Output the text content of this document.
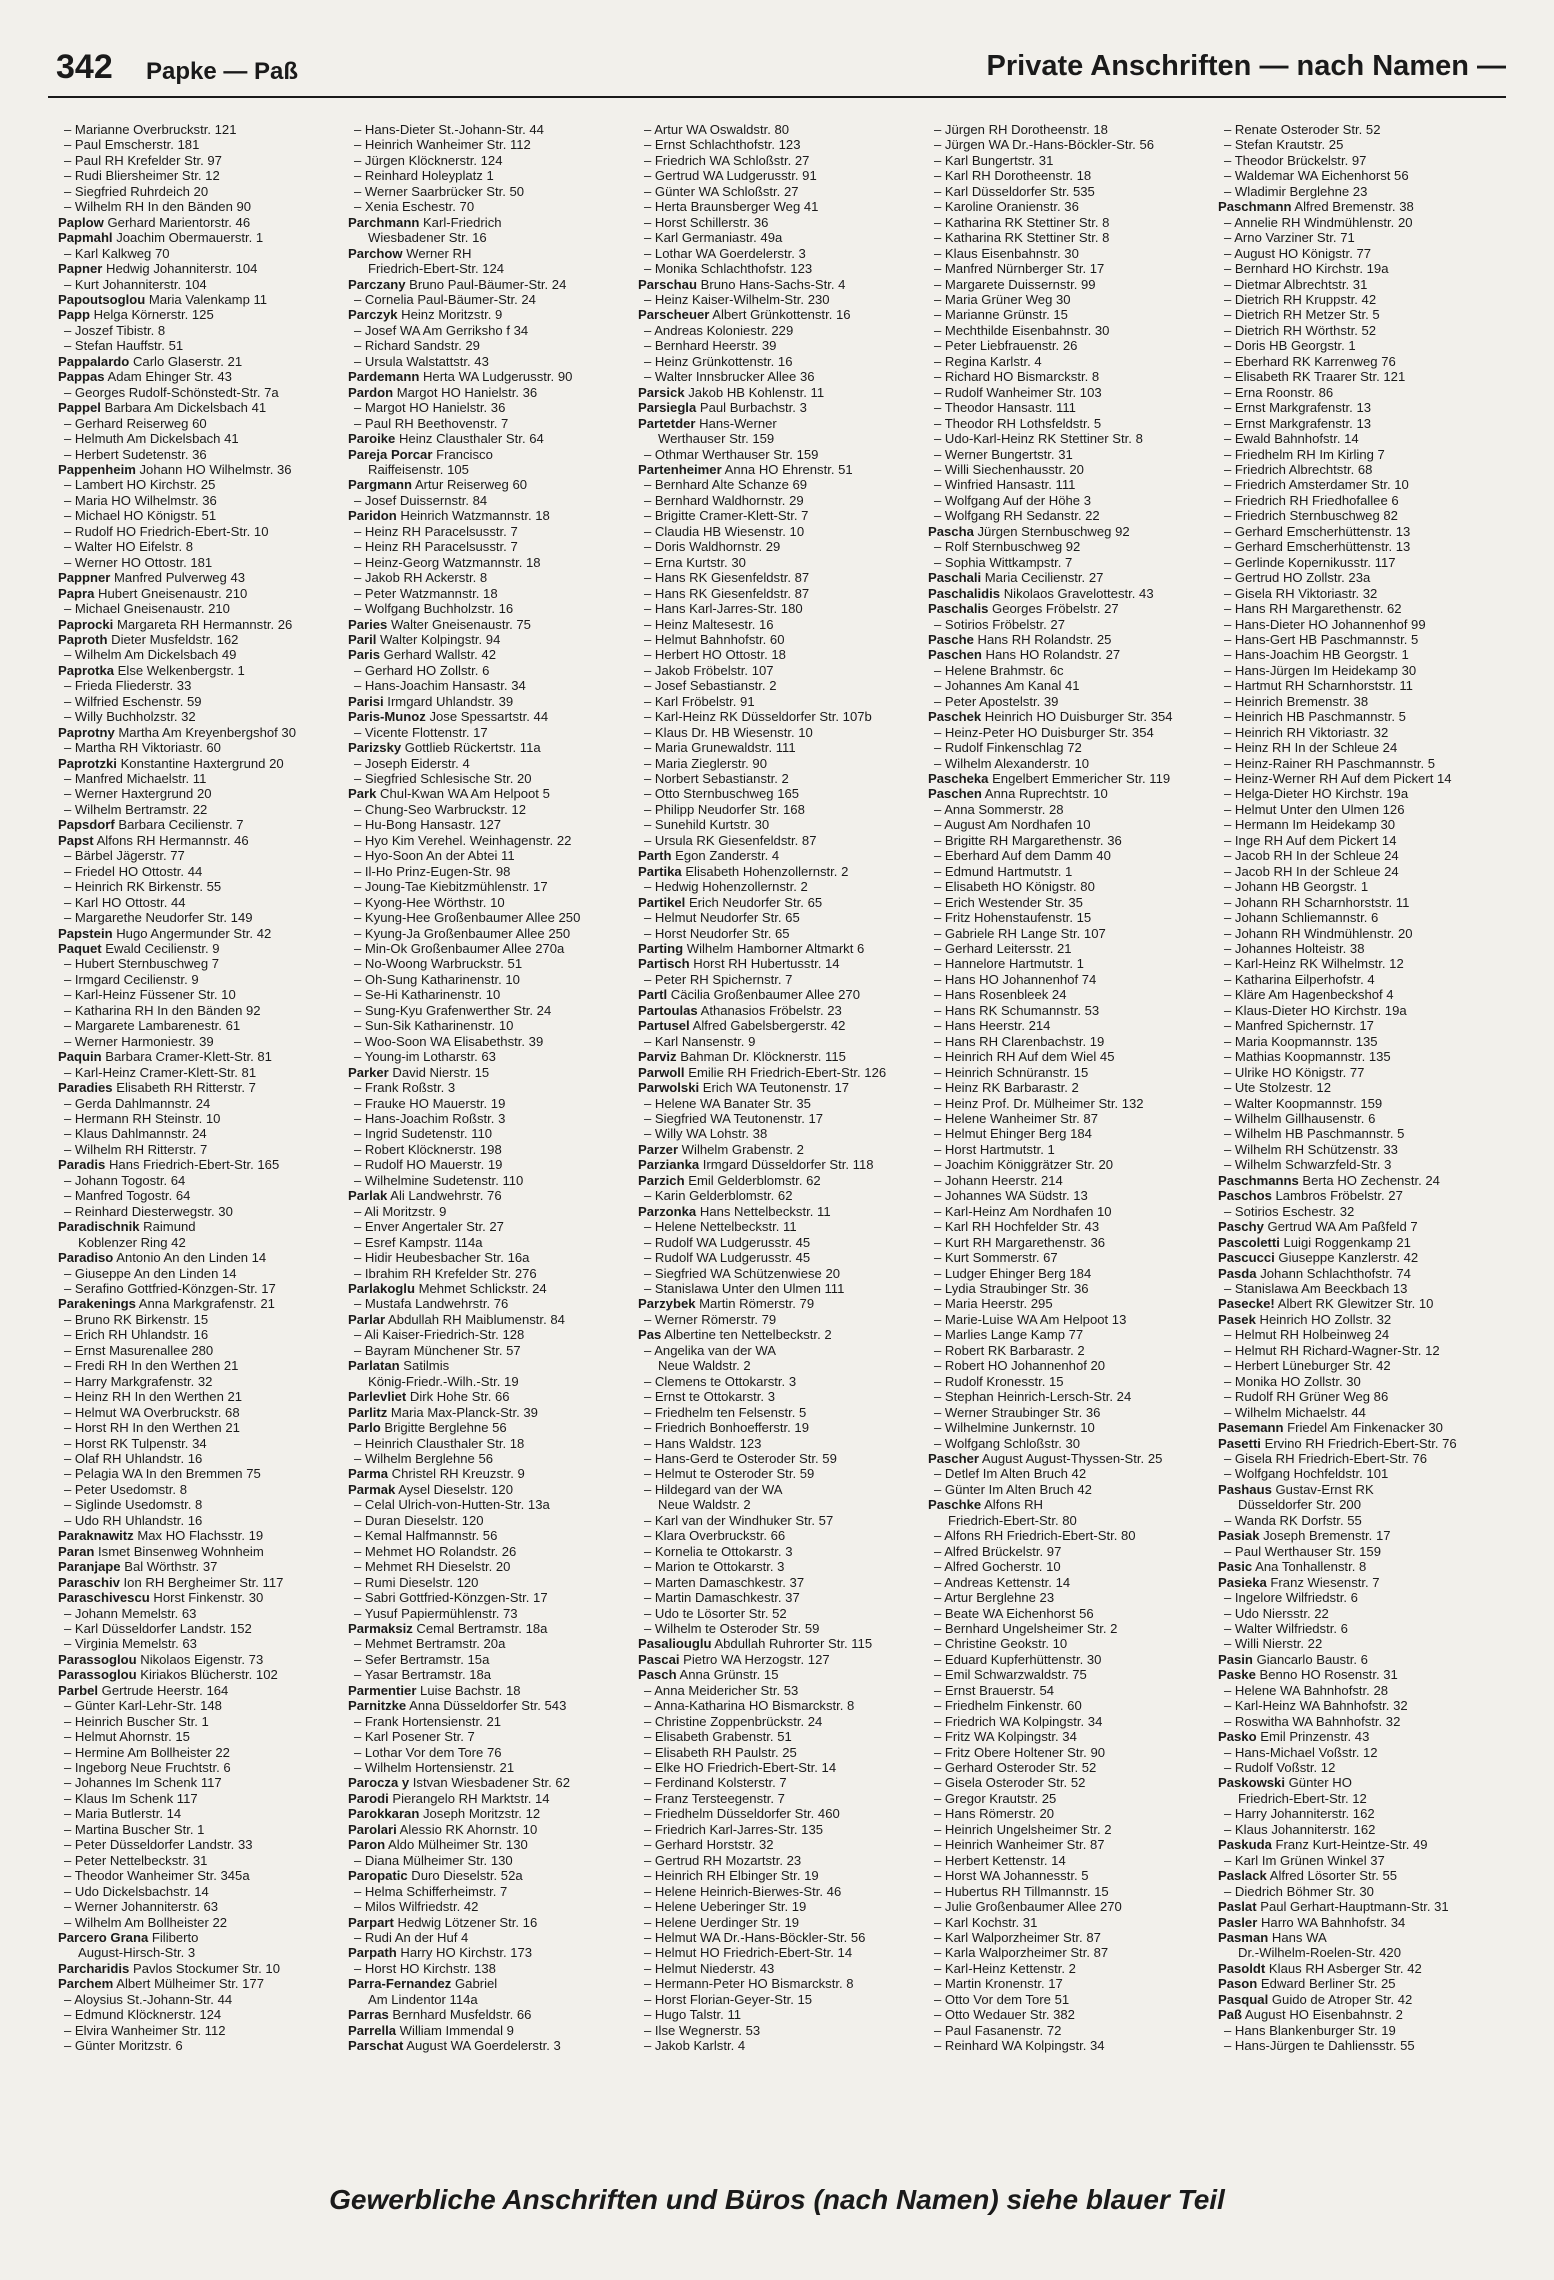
342 Papke — Paß	Private Anschriften — nach Namen —
– Marianne Overbruckstr. 121
– Paul Emscherstr. 181
– Paul RH Krefelder Str. 97
– Rudi Bliersheimer Str. 12
– Siegfried Ruhrdeich 20
– Wilhelm RH In den Bänden 90
Paplow Gerhard Marientorstr. 46
Papmahl Joachim Obermauerstr. 1
– Karl Kalkweg 70
Papner Hedwig Johanniterstr. 104
– Kurt Johanniterstr. 104
Papoutsoglou Maria Valenkamp 11
Papp Helga Körnerstr. 125
– Joszef Tibistr. 8
– Stefan Hauffstr. 51
Pappalardo Carlo Glaserstr. 21
Pappas Adam Ehinger Str. 43
– Georges Rudolf-Schönstedt-Str. 7a
Pappel Barbara Am Dickelsbach 41
– Gerhard Reiserweg 60
– Helmuth Am Dickelsbach 41
– Herbert Sudetenstr. 36
Pappenheim Johann HO Wilhelmstr. 36
– Lambert HO Kirchstr. 25
– Maria HO Wilhelmstr. 36
– Michael HO Königstr. 51
– Rudolf HO Friedrich-Ebert-Str. 10
– Walter HO Eifelstr. 8
– Werner HO Ottostr. 181
Pappner Manfred Pulverweg 43
Papra Hubert Gneisenaustr. 210
– Michael Gneisenaustr. 210
Paprocki Margareta RH Hermannstr. 26
Paproth Dieter Musfeldstr. 162
– Wilhelm Am Dickelsbach 49
Paprotka Else Welkenbergstr. 1
– Frieda Fliederstr. 33
– Wilfried Eschenstr. 59
– Willy Buchholzstr. 32
Paprotny Martha Am Kreyenbergshof 30
– Martha RH Viktoriastr. 60
Paprotzki Konstantine Haxtergrund 20
– Manfred Michaelstr. 11
– Werner Haxtergrund 20
– Wilhelm Bertramstr. 22
Papsdorf Barbara Cecilienstr. 7
Papst Alfons RH Hermannstr. 46
– Bärbel Jägerstr. 77
– Friedel HO Ottostr. 44
– Heinrich RK Birkenstr. 55
– Karl HO Ottostr. 44
– Margarethe Neudorfer Str. 149
Papstein Hugo Angermunder Str. 42
Paquet Ewald Cecilienstr. 9
– Hubert Sternbuschweg 7
– Irmgard Cecilienstr. 9
– Karl-Heinz Füssener Str. 10
– Katharina RH In den Bänden 92
– Margarete Lambarenestr. 61
– Werner Harmoniestr. 39
Paquin Barbara Cramer-Klett-Str. 81
– Karl-Heinz Cramer-Klett-Str. 81
Paradies Elisabeth RH Ritterstr. 7
– Gerda Dahlmannstr. 24
– Hermann RH Steinstr. 10
– Klaus Dahlmannstr. 24
– Wilhelm RH Ritterstr. 7
Paradis Hans Friedrich-Ebert-Str. 165
– Johann Togostr. 64
– Manfred Togostr. 64
– Reinhard Diesterwegstr. 30
Paradischnik Raimund
Koblenzer Ring 42
Paradiso Antonio An den Linden 14
– Giuseppe An den Linden 14
– Serafino Gottfried-Könzgen-Str. 17
Parakenings Anna Markgrafenstr. 21
– Bruno RK Birkenstr. 15
– Erich RH Uhlandstr. 16
– Ernst Masurenallee 280
– Fredi RH In den Werthen 21
– Harry Markgrafenstr. 32
– Heinz RH In den Werthen 21
– Helmut WA Overbruckstr. 68
– Horst RH In den Werthen 21
– Horst RK Tulpenstr. 34
– Olaf RH Uhlandstr. 16
– Pelagia WA In den Bremmen 75
– Peter Usedomstr. 8
– Siglinde Usedomstr. 8
– Udo RH Uhlandstr. 16
Paraknawitz Max HO Flachsstr. 19
Paran Ismet Binsenweg Wohnheim
Paranjape Bal Wörthstr. 37
Paraschiv Ion RH Bergheimer Str. 117
Paraschivescu Horst Finkenstr. 30
– Johann Memelstr. 63
– Karl Düsseldorfer Landstr. 152
– Virginia Memelstr. 63
Parassoglou Nikolaos Eigenstr. 73
Parassoglou Kiriakos Blücherstr. 102
Parbel Gertrude Heerstr. 164
– Günter Karl-Lehr-Str. 148
– Heinrich Buscher Str. 1
– Helmut Ahornstr. 15
– Hermine Am Bollheister 22
– Ingeborg Neue Fruchtstr. 6
– Johannes Im Schenk 117
– Klaus Im Schenk 117
– Maria Butlerstr. 14
– Martina Buscher Str. 1
– Peter Düsseldorfer Landstr. 33
– Peter Nettelbeckstr. 31
– Theodor Wanheimer Str. 345a
– Udo Dickelsbachstr. 14
– Werner Johanniterstr. 63
– Wilhelm Am Bollheister 22
Parcero Grana Filiberto
August-Hirsch-Str. 3
Parcharidis Pavlos Stockumer Str. 10
Parchem Albert Mülheimer Str. 177
– Aloysius St.-Johann-Str. 44
– Edmund Klöcknerstr. 124
– Elvira Wanheimer Str. 112
– Günter Moritzstr. 6
– Hans-Dieter St.-Johann-Str. 44
– Heinrich Wanheimer Str. 112
– Jürgen Klöcknerstr. 124
– Reinhard Holeyplatz 1
– Werner Saarbrücker Str. 50
– Xenia Eschestr. 70
Parchmann Karl-Friedrich
Wiesbadener Str. 16
Parchow Werner RH
Friedrich-Ebert-Str. 124
Parczany Bruno Paul-Bäumer-Str. 24
– Cornelia Paul-Bäumer-Str. 24
Parczyk Heinz Moritzstr. 9
– Josef WA Am Gerriksho f 34
– Richard Sandstr. 29
– Ursula Walstattstr. 43
Pardemann Herta WA Ludgerusstr. 90
Pardon Margot HO Hanielstr. 36
– Margot HO Hanielstr. 36
– Paul RH Beethovenstr. 7
Paroike Heinz Clausthaler Str. 64
Pareja Porcar Francisco
Raiffeisenstr. 105
Pargmann Artur Reiserweg 60
– Josef Duissernstr. 84
Paridon Heinrich Watzmannstr. 18
– Heinz RH Paracelsusstr. 7
– Heinz RH Paracelsusstr. 7
– Heinz-Georg Watzmannstr. 18
– Jakob RH Ackerstr. 8
– Peter Watzmannstr. 18
– Wolfgang Buchholzstr. 16
Paries Walter Gneisenaustr. 75
Paril Walter Kolpingstr. 94
Paris Gerhard Wallstr. 42
– Gerhard HO Zollstr. 6
– Hans-Joachim Hansastr. 34
Parisi Irmgard Uhlandstr. 39
Paris-Munoz Jose Spessartstr. 44
– Vicente Flottenstr. 17
Parizsky Gottlieb Rückertstr. 11a
– Joseph Eiderstr. 4
– Siegfried Schlesische Str. 20
Park Chul-Kwan WA Am Helpoot 5
– Chung-Seo Warbruckstr. 12
– Hu-Bong Hansastr. 127
– Hyo Kim Verehel. Weinhagenstr. 22
– Hyo-Soon An der Abtei 11
– Il-Ho Prinz-Eugen-Str. 98
– Joung-Tae Kiebitzmühlenstr. 17
– Kyong-Hee Wörthstr. 10
– Kyung-Hee Großenbaumer Allee 250
– Kyung-Ja Großenbaumer Allee 250
– Min-Ok Großenbaumer Allee 270a
– No-Woong Warbruckstr. 51
– Oh-Sung Katharinenstr. 10
– Se-Hi Katharinenstr. 10
– Sung-Kyu Grafenwerther Str. 24
– Sun-Sik Katharinenstr. 10
– Woo-Soon WA Elisabethstr. 39
– Young-im Lotharstr. 63
Parker David Nierstr. 15
– Frank Roßstr. 3
– Frauke HO Mauerstr. 19
– Hans-Joachim Roßstr. 3
– Ingrid Sudetenstr. 110
– Robert Klöcknerstr. 198
– Rudolf HO Mauerstr. 19
– Wilhelmine Sudetenstr. 110
Parlak Ali Landwehrstr. 76
– Ali Moritzstr. 9
– Enver Angertaler Str. 27
– Esref Kampstr. 114a
– Hidir Heubesbacher Str. 16a
– Ibrahim RH Krefelder Str. 276
Parlakoglu Mehmet Schlickstr. 24
– Mustafa Landwehrstr. 76
Parlar Abdullah RH Maiblumenstr. 84
– Ali Kaiser-Friedrich-Str. 128
– Bayram Münchener Str. 57
Parlatan Satilmis
König-Friedr.-Wilh.-Str. 19
Parlevliet Dirk Hohe Str. 66
Parlitz Maria Max-Planck-Str. 39
Parlo Brigitte Berglehne 56
– Heinrich Clausthaler Str. 18
– Wilhelm Berglehne 56
Parma Christel RH Kreuzstr. 9
Parmak Aysel Dieselstr. 120
– Celal Ulrich-von-Hutten-Str. 13a
– Duran Dieselstr. 120
– Kemal Halfmannstr. 56
– Mehmet HO Rolandstr. 26
– Mehmet RH Dieselstr. 20
– Rumi Dieselstr. 120
– Sabri Gottfried-Könzgen-Str. 17
– Yusuf Papiermühlenstr. 73
Parmaksiz Cemal Bertramstr. 18a
– Mehmet Bertramstr. 20a
– Sefer Bertramstr. 15a
– Yasar Bertramstr. 18a
Parmentier Luise Bachstr. 18
Parnitzke Anna Düsseldorfer Str. 543
– Frank Hortensienstr. 21
– Karl Posener Str. 7
– Lothar Vor dem Tore 76
– Wilhelm Hortensienstr. 21
Parocza y Istvan Wiesbadener Str. 62
Parodi Pierangelo RH Marktstr. 14
Parokkaran Joseph Moritzstr. 12
Parolari Alessio RK Ahornstr. 10
Paron Aldo Mülheimer Str. 130
– Diana Mülheimer Str. 130
Paropatic Duro Dieselstr. 52a
– Helma Schifferheimstr. 7
– Milos Wilfriedstr. 42
Parpart Hedwig Lötzener Str. 16
– Rudi An der Huf 4
Parpath Harry HO Kirchstr. 173
– Horst HO Kirchstr. 138
Parra-Fernandez Gabriel
Am Lindentor 114a
Parras Bernhard Musfeldstr. 66
Parrella William Immendal 9
Parschat August WA Goerdelerstr. 3
– Artur WA Oswaldstr. 80
– Ernst Schlachthofstr. 123
– Friedrich WA Schloßstr. 27
– Gertrud WA Ludgerusstr. 91
– Günter WA Schloßstr. 27
– Herta Braunsberger Weg 41
– Horst Schillerstr. 36
– Karl Germaniastr. 49a
– Lothar WA Goerdelerstr. 3
– Monika Schlachthofstr. 123
Parschau Bruno Hans-Sachs-Str. 4
– Heinz Kaiser-Wilhelm-Str. 230
Parscheuer Albert Grünkottenstr. 16
– Andreas Koloniestr. 229
– Bernhard Heerstr. 39
– Heinz Grünkottenstr. 16
– Walter Innsbrucker Allee 36
Parsick Jakob HB Kohlenstr. 11
Parsiegla Paul Burbachstr. 3
Partetder Hans-Werner
Werthauser Str. 159
– Othmar Werthauser Str. 159
Partenheimer Anna HO Ehrenstr. 51
– Bernhard Alte Schanze 69
– Bernhard Waldhornstr. 29
– Brigitte Cramer-Klett-Str. 7
– Claudia HB Wiesenstr. 10
– Doris Waldhornstr. 29
– Erna Kurtstr. 30
– Hans RK Giesenfeldstr. 87
– Hans RK Giesenfeldstr. 87
– Hans Karl-Jarres-Str. 180
– Heinz Maltesestr. 16
– Helmut Bahnhofstr. 60
– Herbert HO Ottostr. 18
– Jakob Fröbelstr. 107
– Josef Sebastianstr. 2
– Karl Fröbelstr. 91
– Karl-Heinz RK Düsseldorfer Str. 107b
– Klaus Dr. HB Wiesenstr. 10
– Maria Grunewaldstr. 111
– Maria Zieglerstr. 90
– Norbert Sebastianstr. 2
– Otto Sternbuschweg 165
– Philipp Neudorfer Str. 168
– Sunehild Kurtstr. 30
– Ursula RK Giesenfeldstr. 87
Parth Egon Zanderstr. 4
Partika Elisabeth Hohenzollernstr. 2
– Hedwig Hohenzollernstr. 2
Partikel Erich Neudorfer Str. 65
– Helmut Neudorfer Str. 65
– Horst Neudorfer Str. 65
Parting Wilhelm Hamborner Altmarkt 6
Partisch Horst RH Hubertusstr. 14
– Peter RH Spichernstr. 7
Partl Cäcilia Großenbaumer Allee 270
Partoulas Athanasios Fröbelstr. 23
Partusel Alfred Gabelsbergerstr. 42
– Karl Nansenstr. 9
Parviz Bahman Dr. Klöcknerstr. 115
Parwoll Emilie RH Friedrich-Ebert-Str. 126
Parwolski Erich WA Teutonenstr. 17
– Helene WA Banater Str. 35
– Siegfried WA Teutonenstr. 17
– Willy WA Lohstr. 38
Parzer Wilhelm Grabenstr. 2
Parzianka Irmgard Düsseldorfer Str. 118
Parzich Emil Gelderblomstr. 62
– Karin Gelderblomstr. 62
Parzonka Hans Nettelbeckstr. 11
– Helene Nettelbeckstr. 11
– Rudolf WA Ludgerusstr. 45
– Rudolf WA Ludgerusstr. 45
– Siegfried WA Schützenwiese 20
– Stanislawa Unter den Ulmen 111
Parzybek Martin Römerstr. 79
– Werner Römerstr. 79
Pas Albertine ten Nettelbeckstr. 2
– Angelika van der WA
Neue Waldstr. 2
– Clemens te Ottokarstr. 3
– Ernst te Ottokarstr. 3
– Friedhelm ten Felsenstr. 5
– Friedrich Bonhoefferstr. 19
– Hans Waldstr. 123
– Hans-Gerd te Osteroder Str. 59
– Helmut te Osteroder Str. 59
– Hildegard van der WA
Neue Waldstr. 2
– Karl van der Windhuker Str. 57
– Klara Overbruckstr. 66
– Kornelia te Ottokarstr. 3
– Marion te Ottokarstr. 3
– Marten Damaschkestr. 37
– Martin Damaschkestr. 37
– Udo te Lösorter Str. 52
– Wilhelm te Osteroder Str. 59
Pasaliouglu Abdullah Ruhrorter Str. 115
Pascai Pietro WA Herzogstr. 127
Pasch Anna Grünstr. 15
– Anna Meidericher Str. 53
– Anna-Katharina HO Bismarckstr. 8
– Christine Zoppenbrückstr. 24
– Elisabeth Grabenstr. 51
– Elisabeth RH Paulstr. 25
– Elke HO Friedrich-Ebert-Str. 14
– Ferdinand Kolsterstr. 7
– Franz Tersteegenstr. 7
– Friedhelm Düsseldorfer Str. 460
– Friedrich Karl-Jarres-Str. 135
– Gerhard Horststr. 32
– Gertrud RH Mozartstr. 23
– Heinrich RH Elbinger Str. 19
– Helene Heinrich-Bierwes-Str. 46
– Helene Ueberinger Str. 19
– Helene Uerdinger Str. 19
– Helmut WA Dr.-Hans-Böckler-Str. 56
– Helmut HO Friedrich-Ebert-Str. 14
– Helmut Niederstr. 43
– Hermann-Peter HO Bismarckstr. 8
– Horst Florian-Geyer-Str. 15
– Hugo Talstr. 11
– Ilse Wegnerstr. 53
– Jakob Karlstr. 4
– Jürgen RH Dorotheenstr. 18
– Jürgen WA Dr.-Hans-Böckler-Str. 56
– Karl Bungertstr. 31
– Karl RH Dorotheenstr. 18
– Karl Düsseldorfer Str. 535
– Karoline Oranienstr. 36
– Katharina RK Stettiner Str. 8
– Katharina RK Stettiner Str. 8
– Klaus Eisenbahnstr. 30
– Manfred Nürnberger Str. 17
– Margarete Duissernstr. 99
– Maria Grüner Weg 30
– Marianne Grünstr. 15
– Mechthilde Eisenbahnstr. 30
– Peter Liebfrauenstr. 26
– Regina Karlstr. 4
– Richard HO Bismarckstr. 8
– Rudolf Wanheimer Str. 103
– Theodor Hansastr. 111
– Theodor RH Lothsfeldstr. 5
– Udo-Karl-Heinz RK Stettiner Str. 8
– Werner Bungertstr. 31
– Willi Siechenhausstr. 20
– Winfried Hansastr. 111
– Wolfgang Auf der Höhe 3
– Wolfgang RH Sedanstr. 22
Pascha Jürgen Sternbuschweg 92
– Rolf Sternbuschweg 92
– Sophia Wittkampstr. 7
Paschali Maria Cecilienstr. 27
Paschalidis Nikolaos Gravelottestr. 43
Paschalis Georges Fröbelstr. 27
– Sotirios Fröbelstr. 27
Pasche Hans RH Rolandstr. 25
Paschen Hans HO Rolandstr. 27
– Helene Brahmstr. 6c
– Johannes Am Kanal 41
– Peter Apostelstr. 39
Paschek Heinrich HO Duisburger Str. 354
– Heinz-Peter HO Duisburger Str. 354
– Rudolf Finkenschlag 72
– Wilhelm Alexanderstr. 10
Pascheka Engelbert Emmericher Str. 119
Paschen Anna Ruprechtstr. 10
– Anna Sommerstr. 28
– August Am Nordhafen 10
– Brigitte RH Margarethenstr. 36
– Eberhard Auf dem Damm 40
– Edmund Hartmutstr. 1
– Elisabeth HO Königstr. 80
– Erich Westender Str. 35
– Fritz Hohenstaufenstr. 15
– Gabriele RH Lange Str. 107
– Gerhard Leitersstr. 21
– Hannelore Hartmutstr. 1
– Hans HO Johannenhof 74
– Hans Rosenbleek 24
– Hans RK Schumannstr. 53
– Hans Heerstr. 214
– Hans RH Clarenbachstr. 19
– Heinrich RH Auf dem Wiel 45
– Heinrich Schnüranstr. 15
– Heinz RK Barbarastr. 2
– Heinz Prof. Dr. Mülheimer Str. 132
– Helene Wanheimer Str. 87
– Helmut Ehinger Berg 184
– Horst Hartmutstr. 1
– Joachim Königgrätzer Str. 20
– Johann Heerstr. 214
– Johannes WA Südstr. 13
– Karl-Heinz Am Nordhafen 10
– Karl RH Hochfelder Str. 43
– Kurt RH Margarethenstr. 36
– Kurt Sommerstr. 67
– Ludger Ehinger Berg 184
– Lydia Straubinger Str. 36
– Maria Heerstr. 295
– Marie-Luise WA Am Helpoot 13
– Marlies Lange Kamp 77
– Robert RK Barbarastr. 2
– Robert HO Johannenhof 20
– Rudolf Kronesstr. 15
– Stephan Heinrich-Lersch-Str. 24
– Werner Straubinger Str. 36
– Wilhelmine Junkernstr. 10
– Wolfgang Schloßstr. 30
Pascher August August-Thyssen-Str. 25
– Detlef Im Alten Bruch 42
– Günter Im Alten Bruch 42
Paschke Alfons RH
Friedrich-Ebert-Str. 80
– Alfons RH Friedrich-Ebert-Str. 80
– Alfred Brückelstr. 97
– Alfred Gocherstr. 10
– Andreas Kettenstr. 14
– Artur Berglehne 23
– Beate WA Eichenhorst 56
– Bernhard Ungelsheimer Str. 2
– Christine Geokstr. 10
– Eduard Kupferhüttenstr. 30
– Emil Schwarzwaldstr. 75
– Ernst Brauerstr. 54
– Friedhelm Finkenstr. 60
– Friedrich WA Kolpingstr. 34
– Fritz WA Kolpingstr. 34
– Fritz Obere Holtener Str. 90
– Gerhard Osteroder Str. 52
– Gisela Osteroder Str. 52
– Gregor Krautstr. 25
– Hans Römerstr. 20
– Heinrich Ungelsheimer Str. 2
– Heinrich Wanheimer Str. 87
– Herbert Kettenstr. 14
– Horst WA Johannesstr. 5
– Hubertus RH Tillmannstr. 15
– Julie Großenbaumer Allee 270
– Karl Kochstr. 31
– Karl Walporzheimer Str. 87
– Karla Walporzheimer Str. 87
– Karl-Heinz Kettenstr. 2
– Martin Kronenstr. 17
– Otto Vor dem Tore 51
– Otto Wedauer Str. 382
– Paul Fasanenstr. 72
– Reinhard WA Kolpingstr. 34
– Renate Osteroder Str. 52
– Stefan Krautstr. 25
– Theodor Brückelstr. 97
– Waldemar WA Eichenhorst 56
– Wladimir Berglehne 23
Paschmann Alfred Bremenstr. 38
– Annelie RH Windmühlenstr. 20
– Arno Varziner Str. 71
– August HO Königstr. 77
– Bernhard HO Kirchstr. 19a
– Dietmar Albrechtstr. 31
– Dietrich RH Kruppstr. 42
– Dietrich RH Metzer Str. 5
– Dietrich RH Wörthstr. 52
– Doris HB Georgstr. 1
– Eberhard RK Karrenweg 76
– Elisabeth RK Traarer Str. 121
– Erna Roonstr. 86
– Ernst Markgrafenstr. 13
– Ernst Markgrafenstr. 13
– Ewald Bahnhofstr. 14
– Friedhelm RH Im Kirling 7
– Friedrich Albrechtstr. 68
– Friedrich Amsterdamer Str. 10
– Friedrich RH Friedhofallee 6
– Friedrich Sternbuschweg 82
– Gerhard Emscherhüttenstr. 13
– Gerhard Emscherhüttenstr. 13
– Gerlinde Kopernikusstr. 117
– Gertrud HO Zollstr. 23a
– Gisela RH Viktoriastr. 32
– Hans RH Margarethenstr. 62
– Hans-Dieter HO Johannenhof 99
– Hans-Gert HB Paschmannstr. 5
– Hans-Joachim HB Georgstr. 1
– Hans-Jürgen Im Heidekamp 30
– Hartmut RH Scharnhorststr. 11
– Heinrich Bremenstr. 38
– Heinrich HB Paschmannstr. 5
– Heinrich RH Viktoriastr. 32
– Heinz RH In der Schleue 24
– Heinz-Rainer RH Paschmannstr. 5
– Heinz-Werner RH Auf dem Pickert 14
– Helga-Dieter HO Kirchstr. 19a
– Helmut Unter den Ulmen 126
– Hermann Im Heidekamp 30
– Inge RH Auf dem Pickert 14
– Jacob RH In der Schleue 24
– Jacob RH In der Schleue 24
– Johann HB Georgstr. 1
– Johann RH Scharnhorststr. 11
– Johann Schliemannstr. 6
– Johann RH Windmühlenstr. 20
– Johannes Holteistr. 38
– Karl-Heinz RK Wilhelmstr. 12
– Katharina Eilperhofstr. 4
– Kläre Am Hagenbeckshof 4
– Klaus-Dieter HO Kirchstr. 19a
– Manfred Spichernstr. 17
– Maria Koopmannstr. 135
– Mathias Koopmannstr. 135
– Ulrike HO Königstr. 77
– Ute Stolzestr. 12
– Walter Koopmannstr. 159
– Wilhelm Gillhausenstr. 6
– Wilhelm HB Paschmannstr. 5
– Wilhelm RH Schützenstr. 33
– Wilhelm Schwarzfeld-Str. 3
Paschmanns Berta HO Zechenstr. 24
Paschos Lambros Fröbelstr. 27
– Sotirios Eschestr. 32
Paschy Gertrud WA Am Paßfeld 7
Pascoletti Luigi Roggenkamp 21
Pascucci Giuseppe Kanzlerstr. 42
Pasda Johann Schlachthofstr. 74
– Stanislawa Am Beeckbach 13
Pasecke! Albert RK Glewitzer Str. 10
Pasek Heinrich HO Zollstr. 32
– Helmut RH Holbeinweg 24
– Helmut RH Richard-Wagner-Str. 12
– Herbert Lüneburger Str. 42
– Monika HO Zollstr. 30
– Rudolf RH Grüner Weg 86
– Wilhelm Michaelstr. 44
Pasemann Friedel Am Finkenacker 30
Pasetti Ervino RH Friedrich-Ebert-Str. 76
– Gisela RH Friedrich-Ebert-Str. 76
– Wolfgang Hochfeldstr. 101
Pashaus Gustav-Ernst RK
Düsseldorfer Str. 200
– Wanda RK Dorfstr. 55
Pasiak Joseph Bremenstr. 17
– Paul Werthauser Str. 159
Pasic Ana Tonhallenstr. 8
Pasieka Franz Wiesenstr. 7
– Ingelore Wilfriedstr. 6
– Udo Niersstr. 22
– Walter Wilfriedstr. 6
– Willi Nierstr. 22
Pasin Giancarlo Baustr. 6
Paske Benno HO Rosenstr. 31
– Helene WA Bahnhofstr. 28
– Karl-Heinz WA Bahnhofstr. 32
– Roswitha WA Bahnhofstr. 32
Pasko Emil Prinzenstr. 43
– Hans-Michael Voßstr. 12
– Rudolf Voßstr. 12
Paskowski Günter HO
Friedrich-Ebert-Str. 12
– Harry Johanniterstr. 162
– Klaus Johanniterstr. 162
Paskuda Franz Kurt-Heintze-Str. 49
– Karl Im Grünen Winkel 37
Paslack Alfred Lösorter Str. 55
– Diedrich Böhmer Str. 30
Paslat Paul Gerhart-Hauptmann-Str. 31
Pasler Harro WA Bahnhofstr. 34
Pasman Hans WA
Dr.-Wilhelm-Roelen-Str. 420
Pasoldt Klaus RH Asberger Str. 42
Pason Edward Berliner Str. 25
Pasqual Guido de Atroper Str. 42
Paß August HO Eisenbahnstr. 2
– Hans Blankenburger Str. 19
– Hans-Jürgen te Dahliensstr. 55
Gewerbliche Anschriften und Büros (nach Namen) siehe blauer Teil
